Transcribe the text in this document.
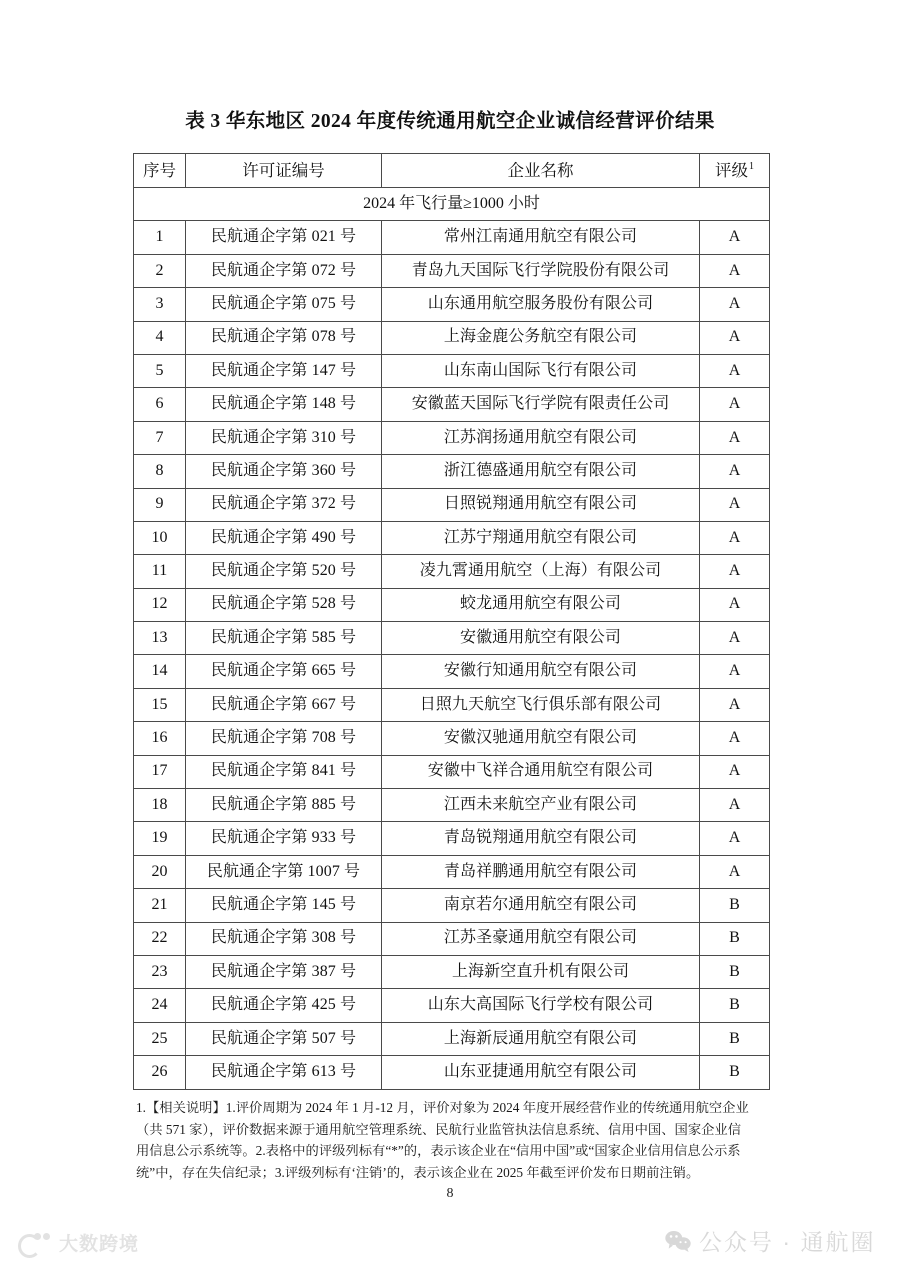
表 3 华东地区 2024 年度传统通用航空企业诚信经营评价结果
序号	许可证编号	企业名称	评级$^1$
2024 年飞行量≥1000 小时			
1	民航通企字第 021 号	常州江南通用航空有限公司	A
2	民航通企字第 072 号	青岛九天国际飞行学院股份有限公司	A
3	民航通企字第 075 号	山东通用航空服务股份有限公司	A
4	民航通企字第 078 号	上海金鹿公务航空有限公司	A
5	民航通企字第 147 号	山东南山国际飞行有限公司	A
6	民航通企字第 148 号	安徽蓝天国际飞行学院有限责任公司	A
7	民航通企字第 310 号	江苏润扬通用航空有限公司	A
8	民航通企字第 360 号	浙江德盛通用航空有限公司	A
9	民航通企字第 372 号	日照锐翔通用航空有限公司	A
10	民航通企字第 490 号	江苏宁翔通用航空有限公司	A
11	民航通企字第 520 号	凌九霄通用航空（上海）有限公司	A
12	民航通企字第 528 号	蛟龙通用航空有限公司	A
13	民航通企字第 585 号	安徽通用航空有限公司	A
14	民航通企字第 665 号	安徽行知通用航空有限公司	A
15	民航通企字第 667 号	日照九天航空飞行俱乐部有限公司	A
16	民航通企字第 708 号	安徽汉驰通用航空有限公司	A
17	民航通企字第 841 号	安徽中飞祥合通用航空有限公司	A
18	民航通企字第 885 号	江西未来航空产业有限公司	A
19	民航通企字第 933 号	青岛锐翔通用航空有限公司	A
20	民航通企字第 1007 号	青岛祥鹏通用航空有限公司	A
21	民航通企字第 145 号	南京若尔通用航空有限公司	B
22	民航通企字第 308 号	江苏圣豪通用航空有限公司	B
23	民航通企字第 387 号	上海新空直升机有限公司	B
24	民航通企字第 425 号	山东大高国际飞行学校有限公司	B
25	民航通企字第 507 号	上海新辰通用航空有限公司	B
26	民航通企字第 613 号	山东亚捷通用航空有限公司	B
1.【相关说明】1.评价周期为 2024 年 1 月-12 月，评价对象为 2024 年度开展经营作业的传统通用航空企业
（共 571 家），评价数据来源于通用航空管理系统、民航行业监管执法信息系统、信用中国、国家企业信
用信息公示系统等。2.表格中的评级列标有“*”的，表示该企业在“信用中国”或“国家企业信用信息公示系
统”中，存在失信纪录；3.评级列标有‘注销’的，表示该企业在 2025 年截至评价发布日期前注销。
8
大数跨境	公众号 · 通航圈
